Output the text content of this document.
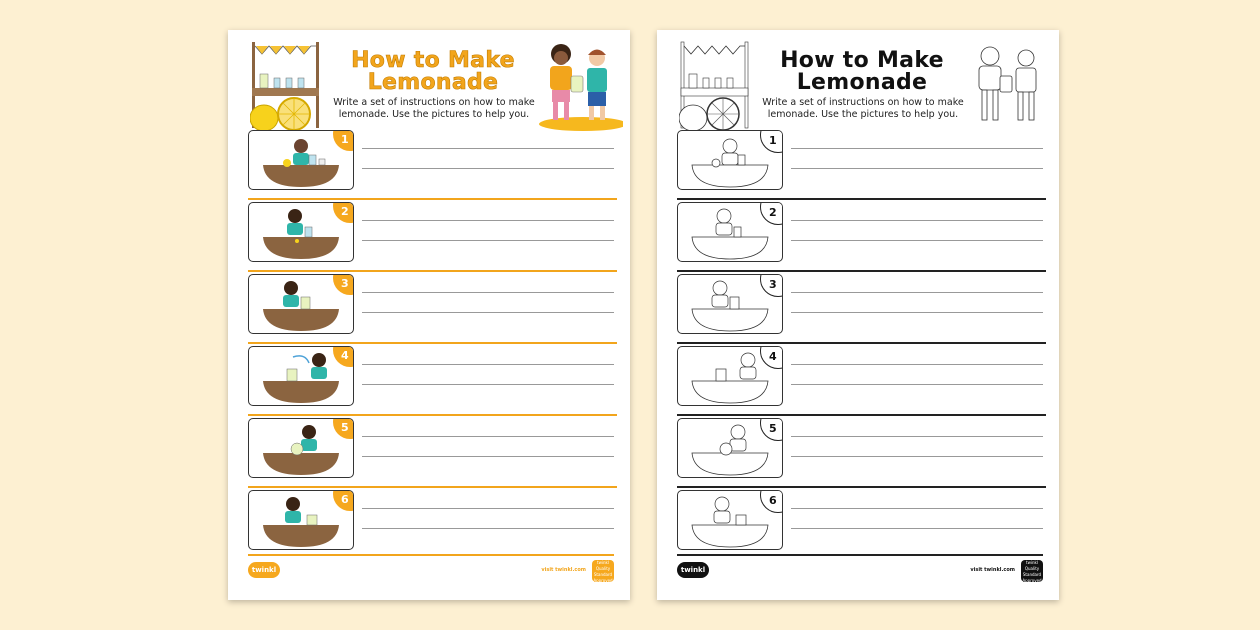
How to Make
Lemonade
Write a set of instructions on how to make lemonade. Use the pictures to help you.
1
2
3
4
5
6
twinkl	visit twinkl.com
twinkl Quality Standard Approved
How to Make
Lemonade
Write a set of instructions on how to make lemonade. Use the pictures to help you.
1
2
3
4
5
6
twinkl	visit twinkl.com
twinkl Quality Standard Approved
